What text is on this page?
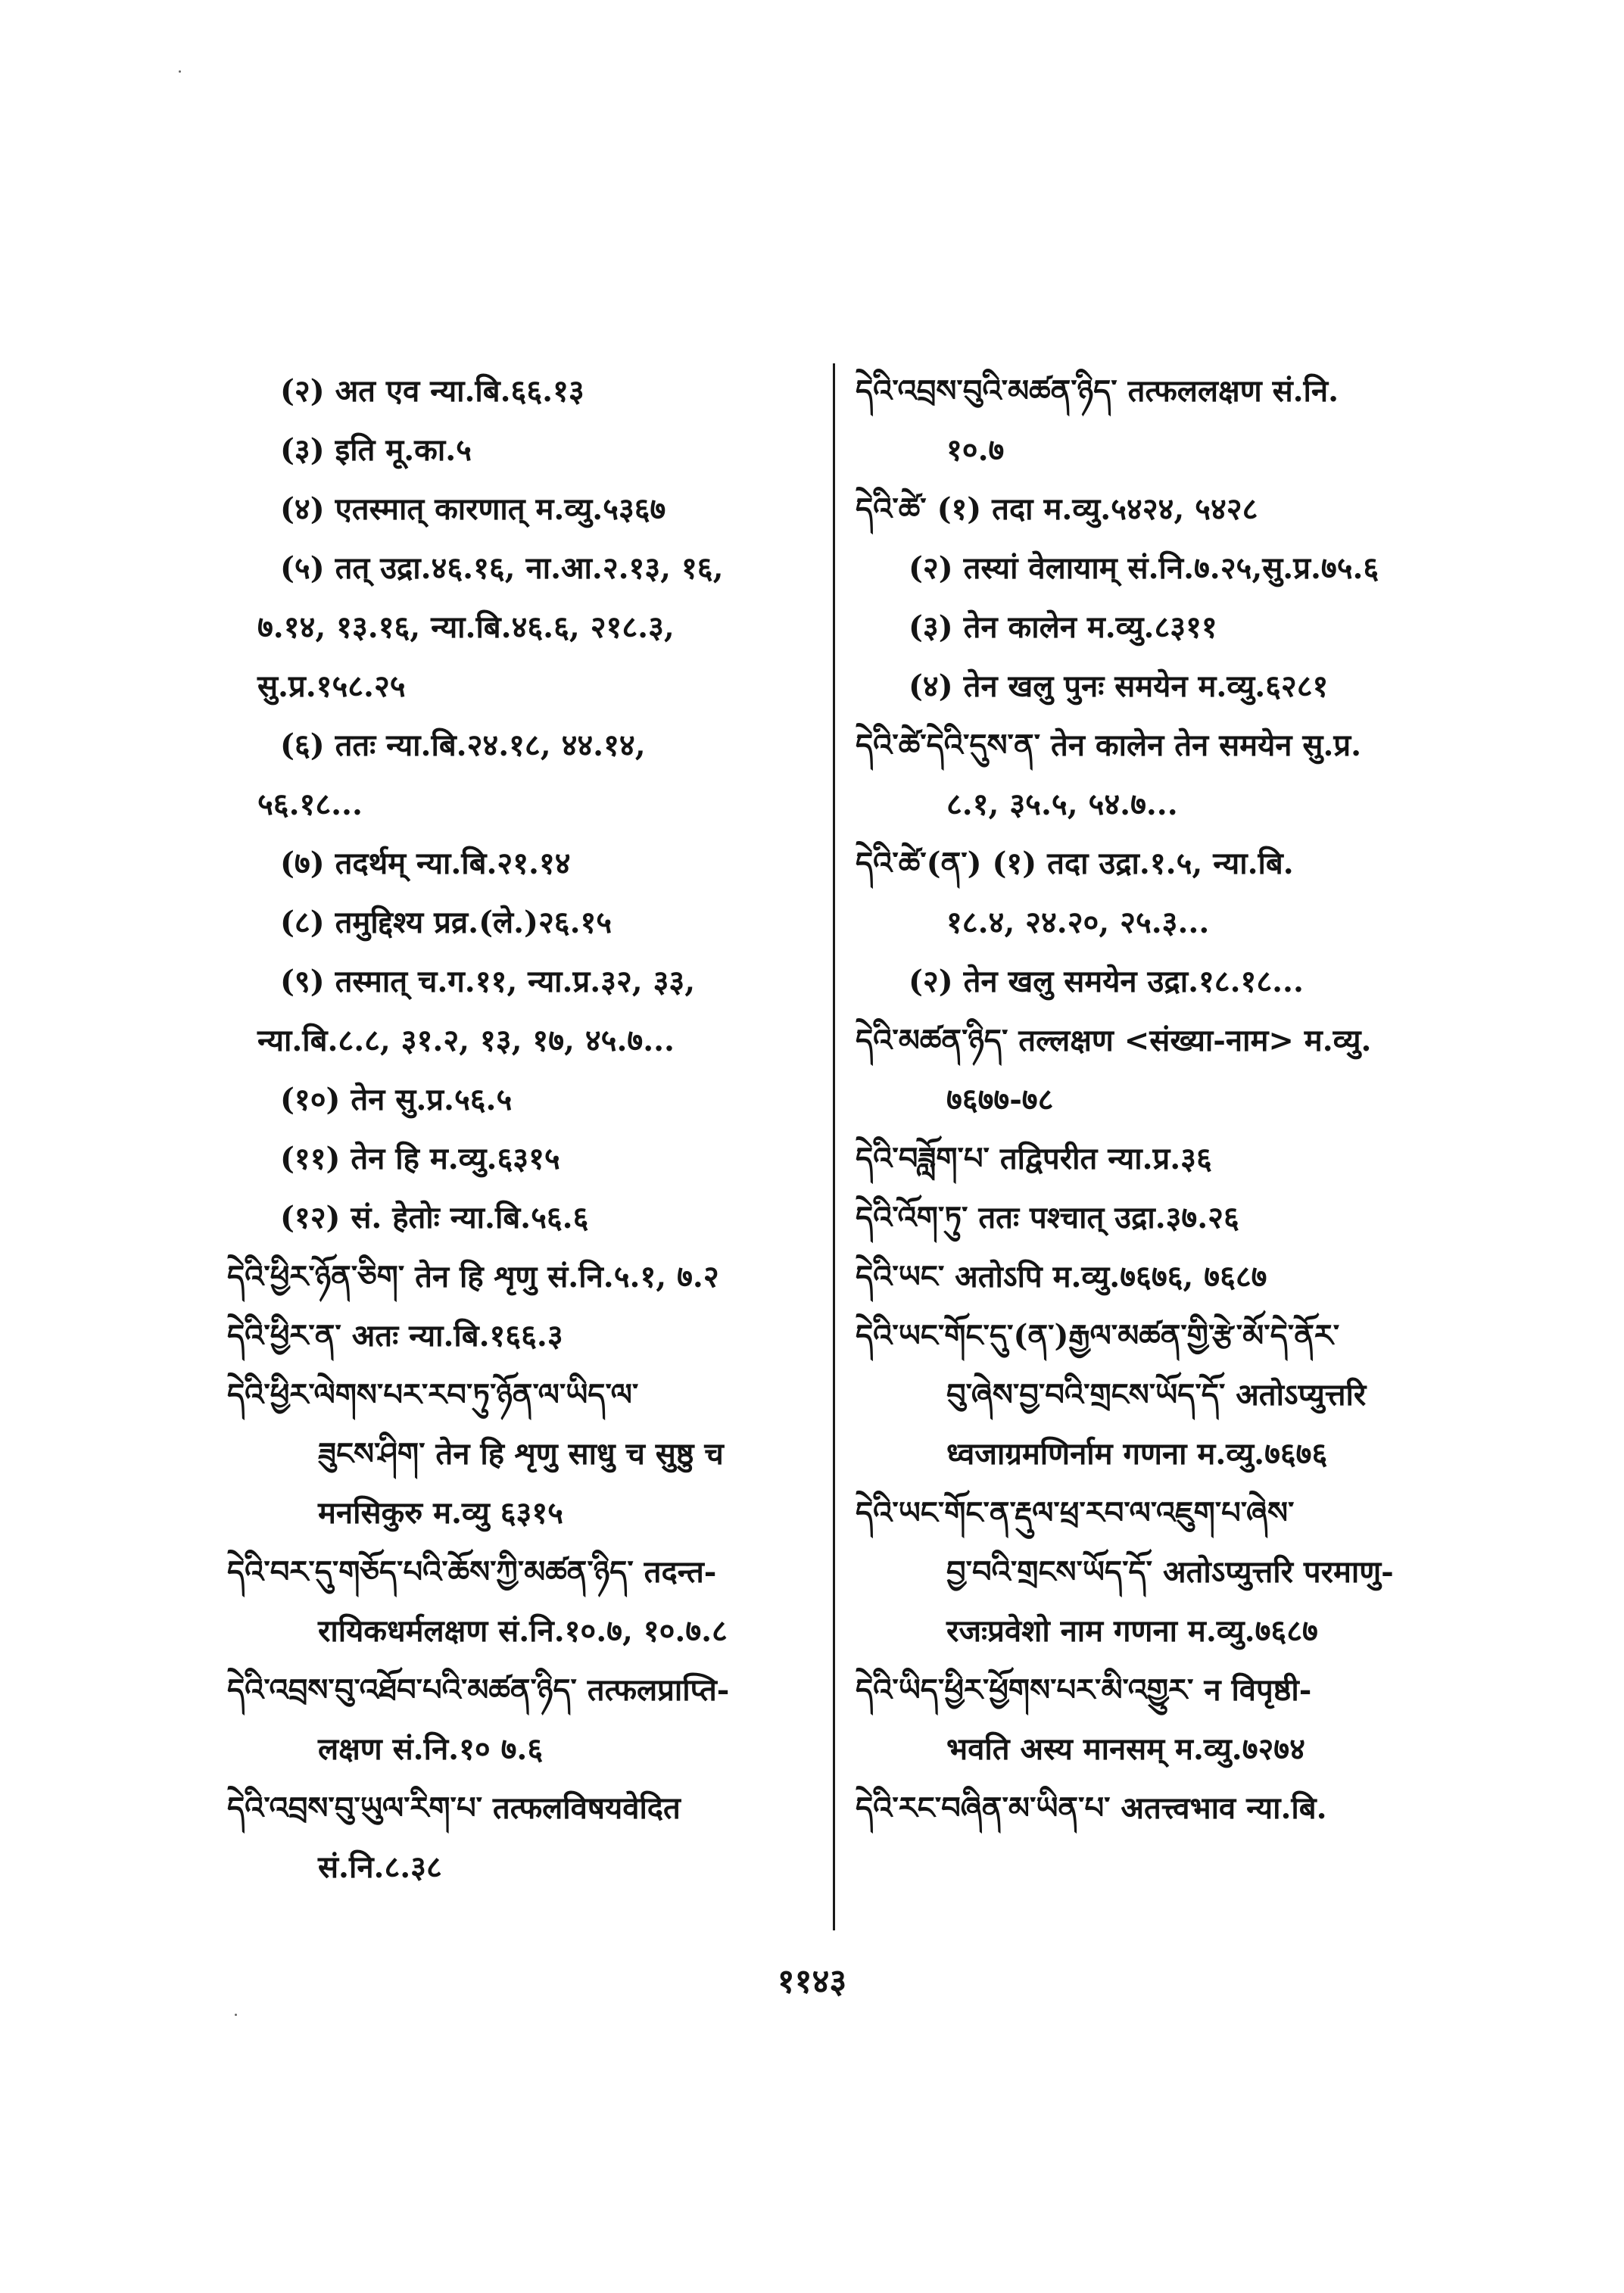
(२) अत एव न्या.बि.६६.१३
(३) इति मू.का.५
(४) एतस्मात् कारणात् म.व्यु.५३६७
(५) तत् उद्रा.४६.१६, ना.आ.२.१३, १६,
७.१४, १३.१६, न्या.बि.४६.६, २१८.३,
सु.प्र.१५८.२५
(६) ततः न्या.बि.२४.१८, ४४.१४,
५६.१८...
(७) तदर्थम् न्या.बि.२१.१४
(८) तमुद्दिश्य प्रव्र.(ले.)२६.१५
(९) तस्मात् च.ग.११, न्या.प्र.३२, ३३,
न्या.बि.८.८, ३१.२, १३, १७, ४५.७...
(१०) तेन सु.प्र.५६.५
(११) तेन हि म.व्यु.६३१५
(१२) सं. हेतोः न्या.बि.५६.६
དེའི་ཕྱིར་ཉོན་ཅིག་ तेन हि शृणु सं.नि.५.१, ७.२
དེའི་ཕྱིར་ན་ अतः न्या.बि.१६६.३
དེའི་ཕྱིར་ལེགས་པར་རབ་ཏུ་ཉོན་ལ་ཡིད་ལ་
ཟུངས་ཤིག་ तेन हि शृणु साधु च सुष्ठु च
मनसिकुरु म.व्यु ६३१५
དེའི་བར་དུ་གཅོད་པའི་ཆོས་ཀྱི་མཚན་ཉིད་ तदन्त-
रायिकधर्मलक्षण सं.नि.१०.७, १०.७.८
དེའི་འབྲས་བུ་འཐོབ་པའི་མཚན་ཉིད་ तत्फलप्राप्ति-
लक्षण सं.नि.१० ७.६
དེའི་འབྲས་བུ་ཡུལ་རིག་པ་ तत्फलविषयवेदित
सं.नि.८.३८
དེའི་འབྲས་བུའི་མཚན་ཉིད་ तत्फललक्षण सं.नि.
१०.७
དེའི་ཚེ་ (१) तदा म.व्यु.५४२४, ५४२८
(२) तस्यां वेलायाम् सं.नि.७.२५,सु.प्र.७५.६
(३) तेन कालेन म.व्यु.८३११
(४) तेन खलु पुनः समयेन म.व्यु.६२८१
དེའི་ཚེ་དེའི་དུས་ན་ तेन कालेन तेन समयेन सु.प्र.
८.१, ३५.५, ५४.७...
དེའི་ཚེ་(ན་) (१) तदा उद्रा.१.५, न्या.बि.
१८.४, २४.२०, २५.३...
(२) तेन खलु समयेन उद्रा.१८.१८...
དེའི་མཚན་ཉིད་ तल्लक्षण <संख्या-नाम> म.व्यु.
७६७७-७८
དེའི་བཟློག་པ་ तद्विपरीत न्या.प्र.३६
དེའི་འོག་ཏུ་ ततः पश्चात् उद्रा.३७.२६
དེའི་ཡང་ अतोऽपि म.व्यु.७६७६, ७६८७
དེའི་ཡང་གོང་དུ་(ན་)རྒྱལ་མཚན་གྱི་རྩེ་མོ་དེ་ནོར་
བུ་ཞེས་བྱ་བའི་གྲངས་ཡོད་དོ་ अतोऽप्युत्तरि
ध्वजाग्रमणिर्नाम गणना म.व्यु.७६७६
དེའི་ཡང་གོང་ན་རྡུལ་ཕྲ་རབ་ལ་འཇུག་པ་ཞེས་
བྱ་བའི་གྲངས་ཡོད་དོ་ अतोऽप्युत्तरि परमाणु-
रजःप्रवेशो नाम गणना म.व्यु.७६८७
དེའི་ཡིད་ཕྱིར་ཕྱོགས་པར་མི་འགྱུར་ न विपृष्ठी-
भवति अस्य मानसम् म.व्यु.७२७४
དེའི་རང་བཞིན་མ་ཡིན་པ་ अतत्त्वभाव न्या.बि.
११४३
